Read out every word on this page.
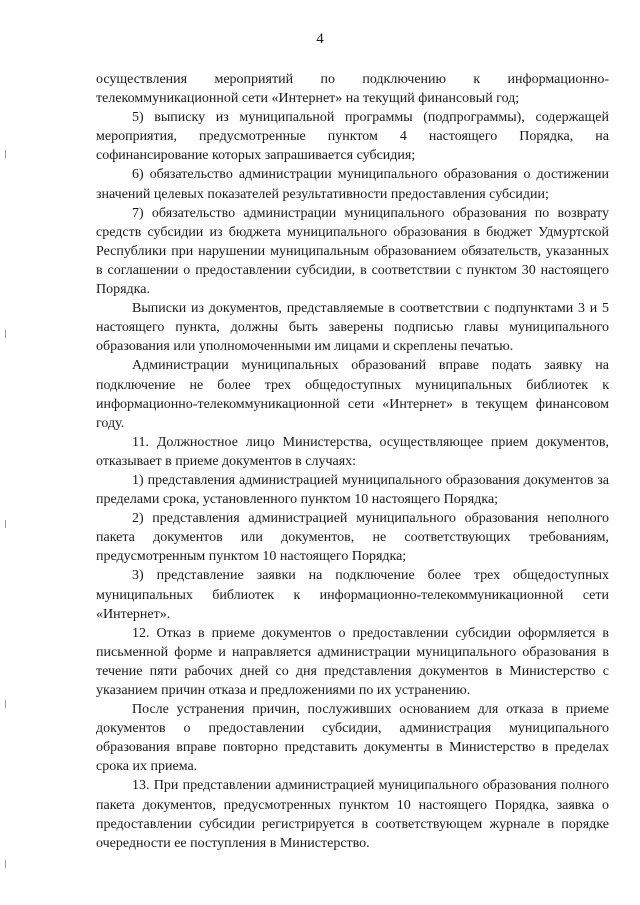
4

осуществления мероприятий по подключению к информационно-телекоммуникационной сети «Интернет» на текущий финансовый год;

5) выписку из муниципальной программы (подпрограммы), содержащей мероприятия, предусмотренные пунктом 4 настоящего Порядка, на софинансирование которых запрашивается субсидия;

6) обязательство администрации муниципального образования о достижении значений целевых показателей результативности предоставления субсидии;

7) обязательство администрации муниципального образования по возврату средств субсидии из бюджета муниципального образования в бюджет Удмуртской Республики при нарушении муниципальным образованием обязательств, указанных в соглашении о предоставлении субсидии, в соответствии с пунктом 30 настоящего Порядка.

Выписки из документов, представляемые в соответствии с подпунктами 3 и 5 настоящего пункта, должны быть заверены подписью главы муниципального образования или уполномоченными им лицами и скреплены печатью.

Администрации муниципальных образований вправе подать заявку на подключение не более трех общедоступных муниципальных библиотек к информационно-телекоммуникационной сети «Интернет» в текущем финансовом году.

11. Должностное лицо Министерства, осуществляющее прием документов, отказывает в приеме документов в случаях:

1) представления администрацией муниципального образования документов за пределами срока, установленного пунктом 10 настоящего Порядка;

2) представления администрацией муниципального образования неполного пакета документов или документов, не соответствующих требованиям, предусмотренным пунктом 10 настоящего Порядка;

3) представление заявки на подключение более трех общедоступных муниципальных библиотек к информационно-телекоммуникационной сети «Интернет».

12. Отказ в приеме документов о предоставлении субсидии оформляется в письменной форме и направляется администрации муниципального образования в течение пяти рабочих дней со дня представления документов в Министерство с указанием причин отказа и предложениями по их устранению.

После устранения причин, послуживших основанием для отказа в приеме документов о предоставлении субсидии, администрация муниципального образования вправе повторно представить документы в Министерство в пределах срока их приема.

13. При представлении администрацией муниципального образования полного пакета документов, предусмотренных пунктом 10 настоящего Порядка, заявка о предоставлении субсидии регистрируется в соответствующем журнале в порядке очередности ее поступления в Министерство.
